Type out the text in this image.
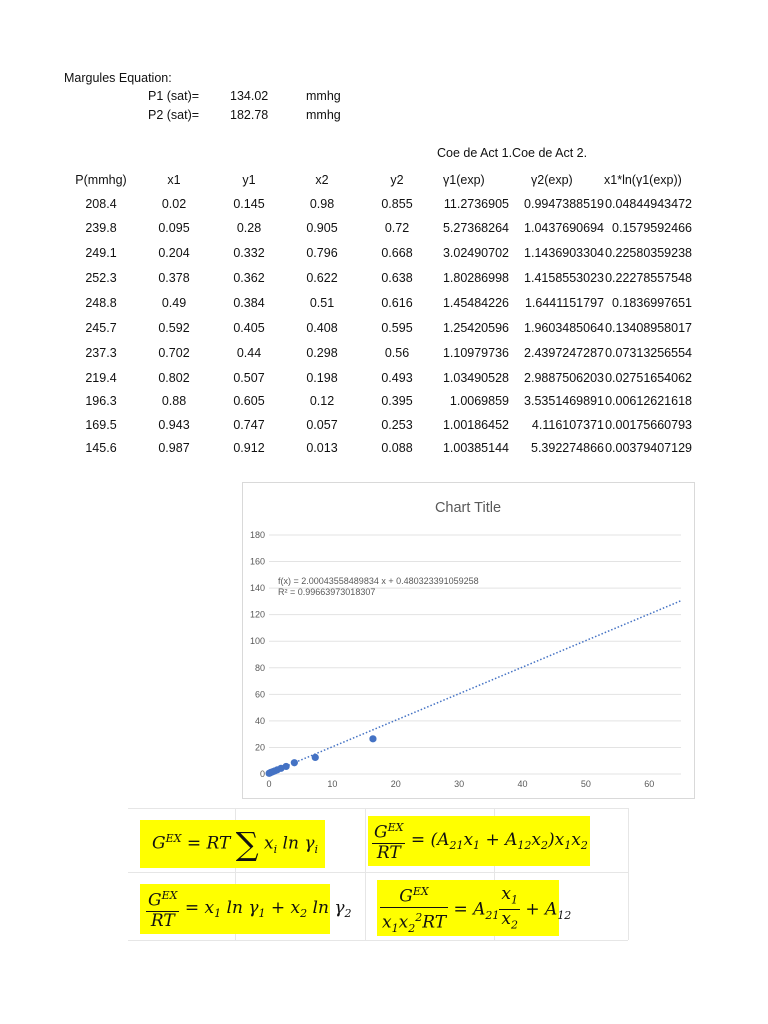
Margules Equation:
P1 (sat)= 134.02	mmhg
P2 (sat)= 182.78	mmhg
Coe de Act 1.Coe de Act 2.
P(mmhg)	x1	y1	x2	y2	γ1(exp)	γ2(exp)	x1*ln(γ1(exp))
208.4	0.02	0.145	0.98	0.855	11.2736905	0.9947388519 0.04844943472
239.8	0.095	0.28	0.905	0.72	5.27368264	1.0437690694 0.1579592466
249.1	0.204	0.332	0.796	0.668	3.02490702	1.1436903304 0.22580359238
252.3	0.378	0.362	0.622	0.638	1.80286998	1.4158553023 0.22278557548
248.8	0.49	0.384	0.51	0.616	1.45484226	1.6441151797 0.1836997651
245.7	0.592	0.405	0.408	0.595	1.25420596	1.9603485064 0.13408958017
237.3	0.702	0.44	0.298	0.56	1.10979736	2.4397247287 0.07313256554
219.4	0.802	0.507	0.198	0.493	1.03490528	2.9887506203 0.02751654062
196.3	0.88	0.605	0.12	0.395	1.0069859	3.5351469891 0.00612621618
169.5	0.943	0.747	0.057	0.253	1.00186452	4.116107371 0.00175660793
145.6	0.987	0.912	0.013	0.088	1.00385144	5.392274866 0.00379407129
Chart Title
0
20
40
60
80
100
120
140
160
180
0	10	20	30	40	50	60
f(x) = 2.00043558489834 x + 0.480323391059258
R² = 0.99663973018307
$G^{EX}$ = RT ∑ $x_i$ $\ln \gamma_i$	$\frac{G^{EX}}{RT} = (A_{21}x_1 + A_{12}x_2)x_1x_2$
$\frac{G^{EX}}{RT} = x_1$ $\ln \gamma_1 + x_2$ $\ln \gamma_2 \frac{G^{EX}}{x_1x_2^2RT} = A_{21} \frac{x_1}{x_2} + A_{12}$
